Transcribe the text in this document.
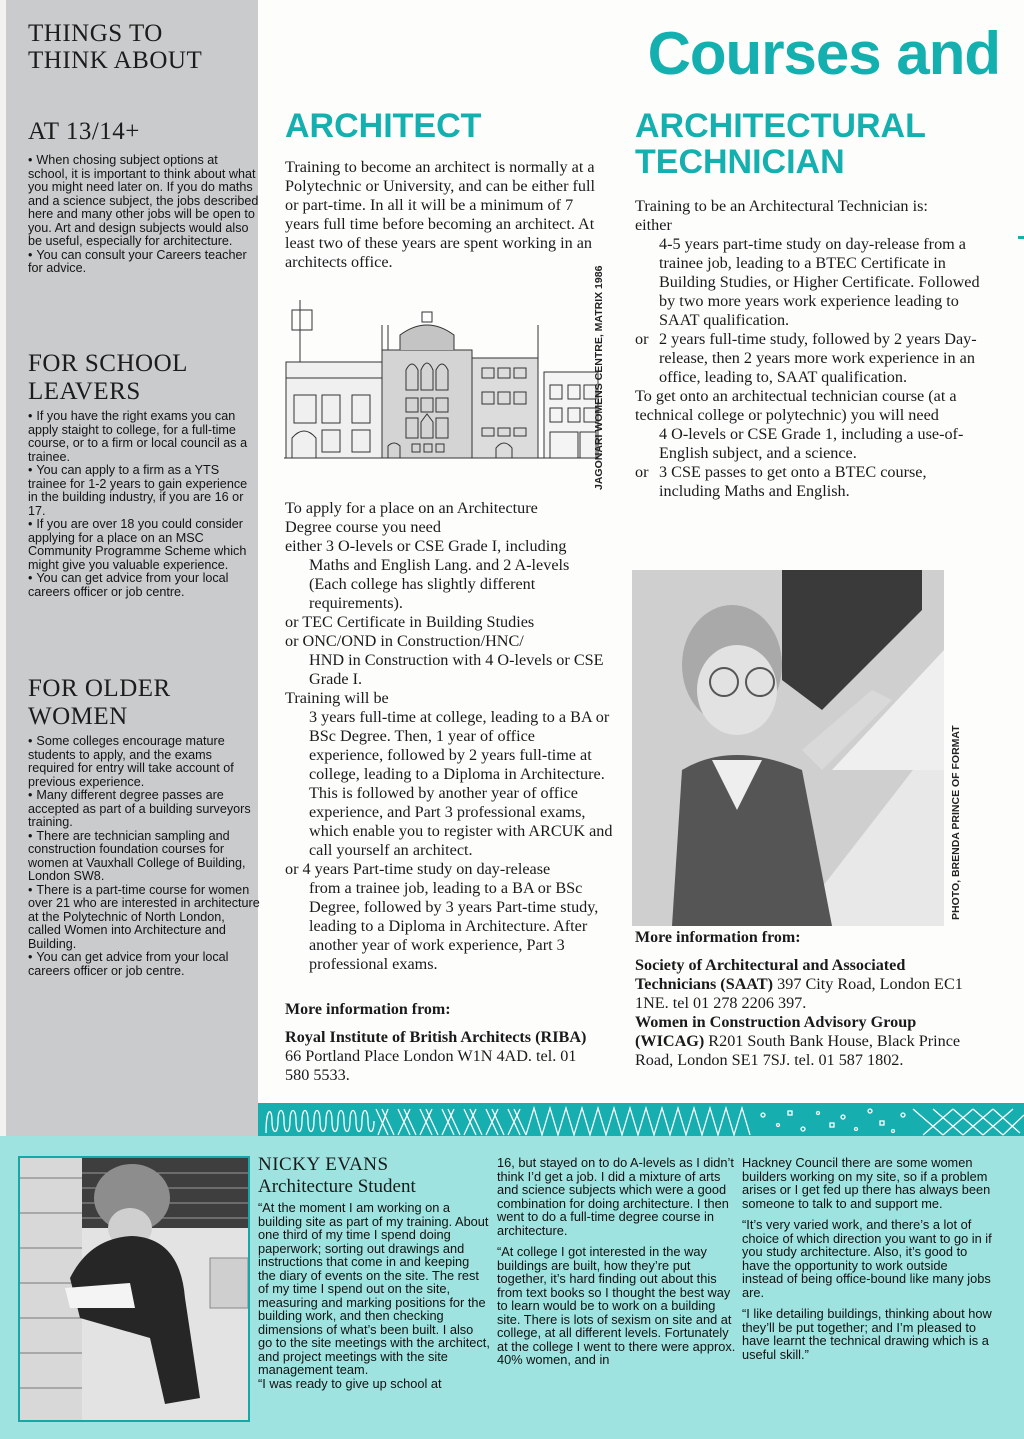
THINGS TO THINK ABOUT
AT 13/14+

• When chosing subject options at school, it is important to think about what you might need later on. If you do maths and a science subject, the jobs described here and many other jobs will be open to you. Art and design subjects would also be useful, especially for architecture.

• You can consult your Careers teacher for advice.

FOR SCHOOL LEAVERS

• If you have the right exams you can apply staight to college, for a full-time course, or to a firm or local council as a trainee.

• You can apply to a firm as a YTS trainee for 1-2 years to gain experience in the building industry, if you are 16 or 17.

• If you are over 18 you could consider applying for a place on an MSC Community Programme Scheme which might give you valuable experience.

• You can get advice from your local careers officer or job centre.

FOR OLDER WOMEN

• Some colleges encourage mature students to apply, and the exams required for entry will take account of previous experience.

• Many different degree passes are accepted as part of a building surveyors training.

• There are technician sampling and construction foundation courses for women at Vauxhall College of Building, London SW8.

• There is a part-time course for women over 21 who are interested in architecture at the Polytechnic of North London, called Women into Architecture and Building.

• You can get advice from your local careers officer or job centre.

Courses and
ARCHITECT
Training to become an architect is normally at a Polytechnic or University, and can be either full or part-time. In all it will be a minimum of 7 years full time before becoming an architect. At least two of these years are spent working in an architects office.
JAGONARI WOMENS CENTRE, MATRIX 1986
To apply for a place on an Architecture Degree course you need
either 3 O-levels or CSE Grade I, including
Maths and English Lang. and 2 A-levels (Each college has slightly different requirements).
or TEC Certificate in Building Studies
or ONC/OND in Construction/HNC/
HND in Construction with 4 O-levels or CSE Grade I.
Training will be
3 years full-time at college, leading to a BA or BSc Degree. Then, 1 year of office experience, followed by 2 years full-time at college, leading to a Diploma in Architecture. This is followed by another year of office experience, and Part 3 professional exams, which enable you to register with ARCUK and call yourself an architect.
or 4 years Part-time study on day-release
from a trainee job, leading to a BA or BSc Degree, followed by 3 years Part-time study, leading to a Diploma in Architecture. After another year of work experience, Part 3 professional exams.
More information from:
Royal Institute of British Architects (RIBA) 66 Portland Place London W1N 4AD. tel. 01 580 5533.
ARCHITECTURAL
TECHNICIAN
Training to be an Architectural Technician is:
either
4-5 years part-time study on day-release from a trainee job, leading to a BTEC Certificate in Building Studies, or Higher Certificate. Followed by two more years work experience leading to SAAT qualification.
or 2 years full-time study, followed by 2 years Day-release, then 2 years more work experience in an office, leading to, SAAT qualification.
To get onto an architectual technician course (at a technical college or polytechnic) you will need
4 O-levels or CSE Grade 1, including a use-of-English subject, and a science.
or 3 CSE passes to get onto a BTEC course, including Maths and English.
PHOTO, BRENDA PRINCE OF FORMAT
More information from:
Society of Architectural and Associated Technicians (SAAT) 397 City Road, London EC1 1NE. tel 01 278 2206 397.
Women in Construction Advisory Group (WICAG) R201 South Bank House, Black Prince Road, London SE1 7SJ. tel. 01 587 1802.
NICKY EVANS
Architecture Student

“At the moment I am working on a building site as part of my training. About one third of my time I spend doing paperwork; sorting out drawings and instructions that come in and keeping the diary of events on the site. The rest of my time I spend out on the site, measuring and marking positions for the building work, and then checking dimensions of what’s been built. I also go to the site meetings with the architect, and project meetings with the site management team.

“I was ready to give up school at

16, but stayed on to do A-levels as I didn’t think I’d get a job. I did a mixture of arts and science subjects which were a good combination for doing architecture. I then went to do a full-time degree course in architecture.

“At college I got interested in the way buildings are built, how they’re put together, it’s hard finding out about this from text books so I thought the best way to learn would be to work on a building site. There is lots of sexism on site and at college, at all different levels. Fortunately at the college I went to there were approx. 40% women, and in

Hackney Council there are some women builders working on my site, so if a problem arises or I get fed up there has always been someone to talk to and support me.

“It’s very varied work, and there’s a lot of choice of which direction you want to go in if you study architecture. Also, it’s good to have the opportunity to work outside instead of being office-bound like many jobs are.

“I like detailing buildings, thinking about how they’ll be put together; and I’m pleased to have learnt the technical drawing which is a useful skill.”
